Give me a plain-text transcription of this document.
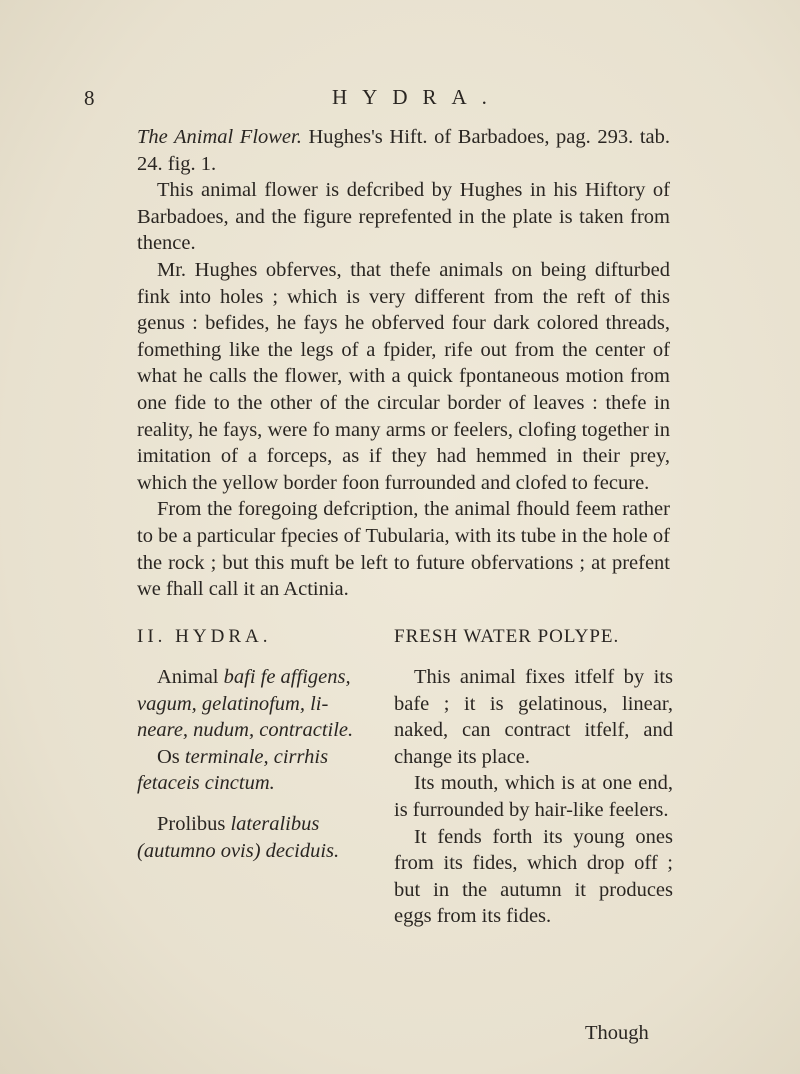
8	HYDRA.

The Animal Flower. Hughes's Hift. of Barbadoes, pag. 293. tab. 24. fig. 1.

This animal flower is defcribed by Hughes in his Hiftory of Barbadoes, and the figure reprefented in the plate is taken from thence.

Mr. Hughes obferves, that thefe animals on being difturbed fink into holes ; which is very different from the reft of this genus : befides, he fays he obferved four dark colored threads, fomething like the legs of a fpider, rife out from the center of what he calls the flower, with a quick fpontaneous motion from one fide to the other of the circular border of leaves : thefe in reality, he fays, were fo many arms or feelers, clofing together in imitation of a forceps, as if they had hemmed in their prey, which the yellow border foon furrounded and clofed to fecure.

From the foregoing defcription, the animal fhould feem rather to be a particular fpecies of Tubularia, with its tube in the hole of the rock ; but this muft be left to future obfervations ; at prefent we fhall call it an Actinia.

II. HYDRA.

Animal bafi fe affigens, vagum, gelatinofum, lineare, nudum, contractile.

Os terminale, cirrhis fetaceis cinctum.

Prolibus lateralibus (autumno ovis) deciduis.

FRESH WATER POLYPE.

This animal fixes itfelf by its bafe ; it is gelatinous, linear, naked, can contract itfelf, and change its place.

Its mouth, which is at one end, is furrounded by hair-like feelers.

It fends forth its young ones from its fides, which drop off ; but in the autumn it produces eggs from its fides.

Though
